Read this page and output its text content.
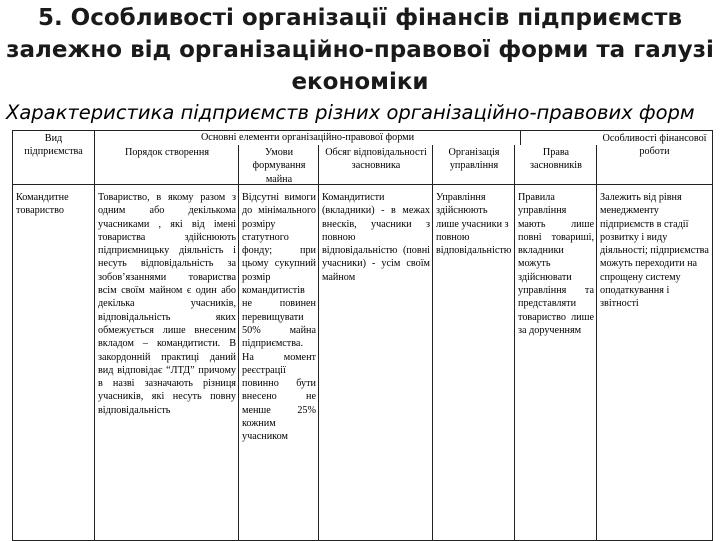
5. Особливості організації фінансів підприємств залежно від організаційно-правової форми та галузі економіки
Характеристика підприємств різних організаційно-правових форм
Вид підприємства
Основні елементи організаційно-правової форми
Порядок створення	Умови формування майна
Обсяг відповідальності засновника
Організація управління
Права засновників
Особливості фінансової роботи
Командитне товариство
Товариство, в якому разом з одним або декількома учасниками , які від імені товариства здійснюють підприємницьку діяльність і несуть відповідальність за зобов’язаннями товариства всім своїм майном є один або декілька учасників, відповідальність яких обмежується лише внесеним вкладом – командитисти. В закордонній практиці даний вид відповідає “ЛТД” причому в назві зазначають різниця учасників, які несуть повну відповідальність
Відсутні вимоги до мінімального розміру статутного фонду; при цьому сукупний розмір командитистів не повинен перевищувати 50% майна підприємства. На момент реєстрації повинно бути внесено не менше 25% кожним учасником
Командитисти (вкладники) - в межах внесків, учасники з повною відповідальністю (повні учасники) - усім своїм майном
Управління здійснюють лише учасники з повною відповідальністю
Правила управління мають лише повні товариші, вкладники можуть здійснювати управління та представляти товариство лише за дорученням
Залежить від рівня менеджменту підприємств в стадії розвитку і виду діяльності; підприємства можуть переходити на спрощену систему оподаткування і звітності
